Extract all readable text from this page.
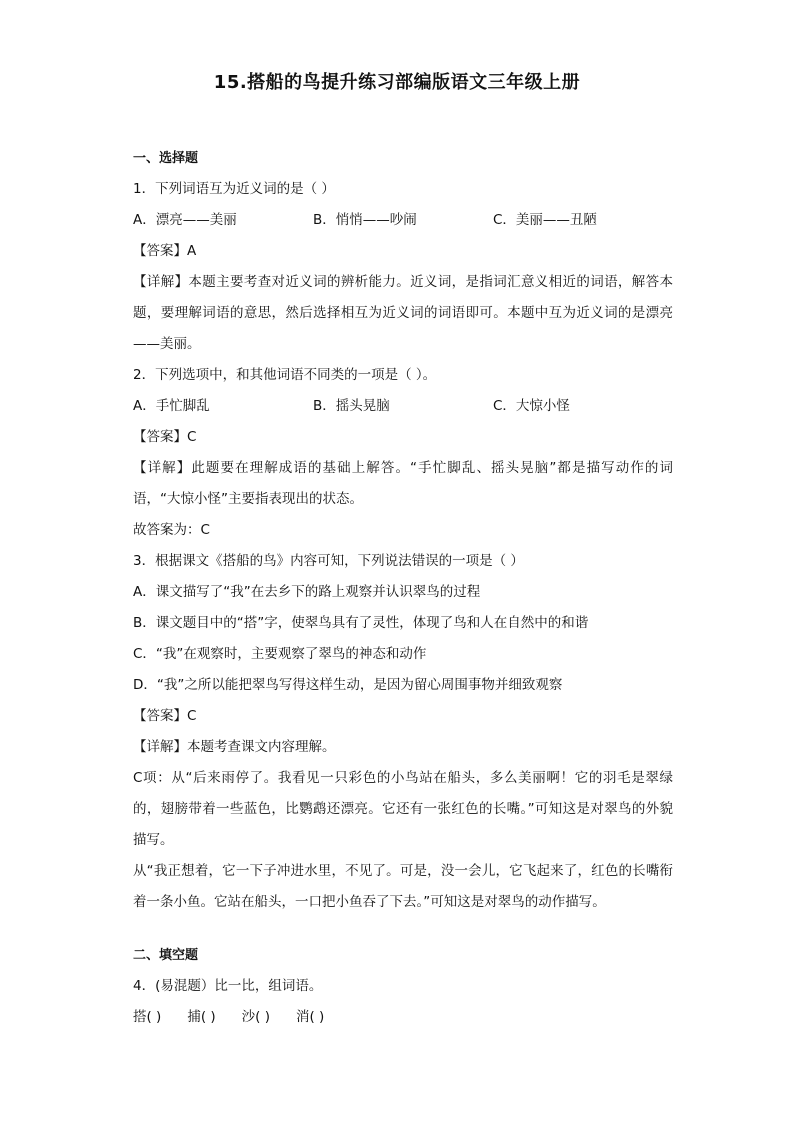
15.搭船的鸟提升练习部编版语文三年级上册
一、选择题
1．下列词语互为近义词的是（ ）
A．漂亮——美丽	B．悄悄——吵闹	C．美丽——丑陋
【答案】A
【详解】本题主要考查对近义词的辨析能力。近义词，是指词汇意义相近的词语，解答本题，要理解词语的意思，然后选择相互为近义词的词语即可。本题中互为近义词的是漂亮——美丽。
2．下列选项中，和其他词语不同类的一项是（ ）。
A．手忙脚乱	B．摇头晃脑	C．大惊小怪
【答案】C
【详解】此题要在理解成语的基础上解答。“手忙脚乱、摇头晃脑”都是描写动作的词语，“大惊小怪”主要指表现出的状态。
故答案为：C
3．根据课文《搭船的鸟》内容可知，下列说法错误的一项是（ ）
A．课文描写了“我”在去乡下的路上观察并认识翠鸟的过程
B．课文题目中的“搭”字，使翠鸟具有了灵性，体现了鸟和人在自然中的和谐
C．“我”在观察时，主要观察了翠鸟的神态和动作
D．“我”之所以能把翠鸟写得这样生动，是因为留心周围事物并细致观察
【答案】C
【详解】本题考查课文内容理解。
C项：从“后来雨停了。我看见一只彩色的小鸟站在船头，多么美丽啊！它的羽毛是翠绿的，翅膀带着一些蓝色，比鹦鹉还漂亮。它还有一张红色的长嘴。”可知这是对翠鸟的外貌描写。
从“我正想着，它一下子冲进水里，不见了。可是，没一会儿，它飞起来了，红色的长嘴衔着一条小鱼。它站在船头，一口把小鱼吞了下去。”可知这是对翠鸟的动作描写。
二、填空题
4．(易混题）比一比，组词语。
搭( ) 捕( ) 沙( ) 消( )
